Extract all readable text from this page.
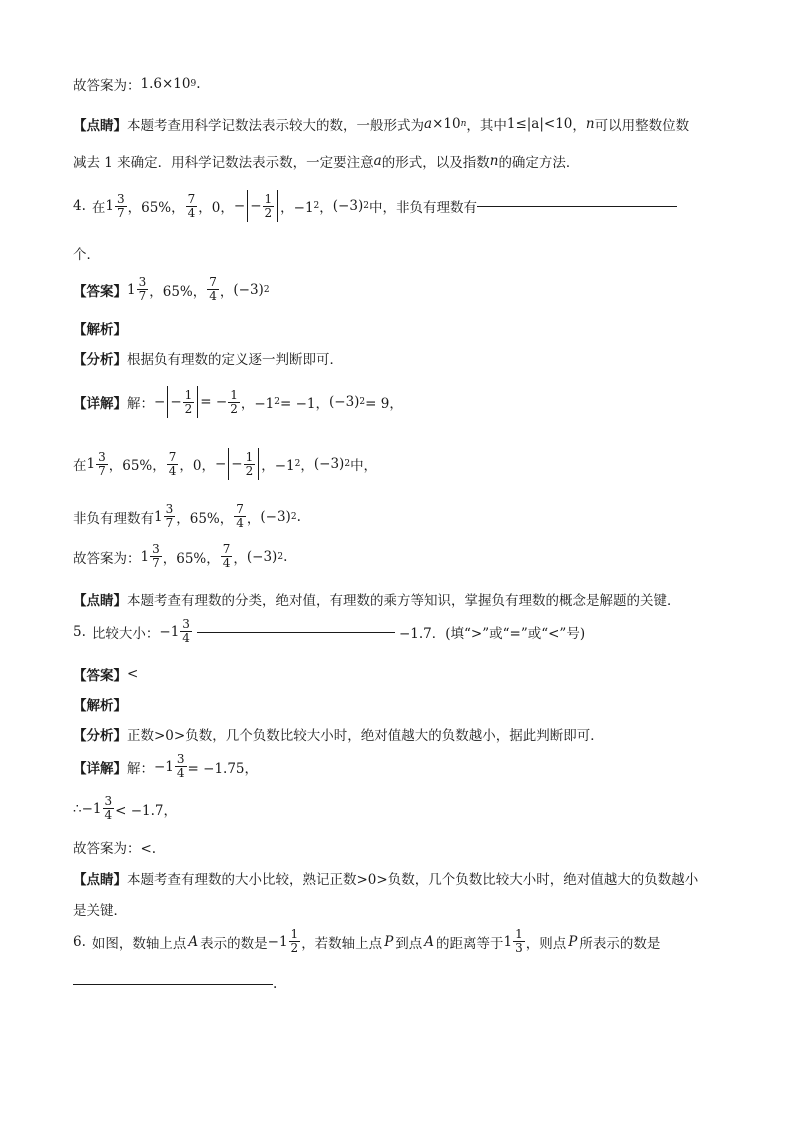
故答案为： 1.6×10 9 .
【点睛】 本题考查用科学记数法表示较大的数，一般形式为 a ×10 n ，其中 1≤|a|<10 ， n 可以用整数位数
减去 1 来确定．用科学记数法表示数，一定要注意 a 的形式，以及指数 n 的确定方法．
4. 在 $1 \frac{3}{7}$ ，65%， $\frac{7}{4}$ ，0， − − $\frac{1}{2}$ ，−1 2 ， (−3) 2 中，非负有理数有
个．
【答案】 $1 \frac{3}{7}$ ，65%， $\frac{7}{4}$ ， (−3) 2
【解析】
【分析】 根据负有理数的定义逐一判断即可．
【详解】 解： − − $\frac{1}{2}$ = − $\frac{1}{2}$ ，−1 2 = −1， (−3) 2 = 9，
在 $1 \frac{3}{7}$ ，65%， $\frac{7}{4}$ ，0， − − $\frac{1}{2}$ ，−1 2 ， (−3) 2 中，
非负有理数有 $1 \frac{3}{7}$ ，65%， $\frac{7}{4}$ ， (−3) 2 .
故答案为： $1 \frac{3}{7}$ ，65%， $\frac{7}{4}$ ， (−3) 2 .
【点睛】 本题考查有理数的分类，绝对值，有理数的乘方等知识，掌握负有理数的概念是解题的关键．
5. 比较大小： $-1 \frac{3}{4}$	−1.7．(填“>”或“=”或“<”号)
【答案】 <
【解析】
【分析】 正数>0>负数，几个负数比较大小时，绝对值越大的负数越小，据此判断即可．
【详解】 解： $-1 \frac{3}{4} = -1.75$，
∴−1 $\frac{3}{4} < -1.7$，
故答案为：<.
【点睛】 本题考查有理数的大小比较，熟记正数>0>负数，几个负数比较大小时，绝对值越大的负数越小
是关键．
6. 如图，数轴上点 A 表示的数是 $-1 \frac{1}{2}$ ，若数轴上点 P 到点 A 的距离等于 $1 \frac{1}{3}$ ，则点 P 所表示的数是
.
